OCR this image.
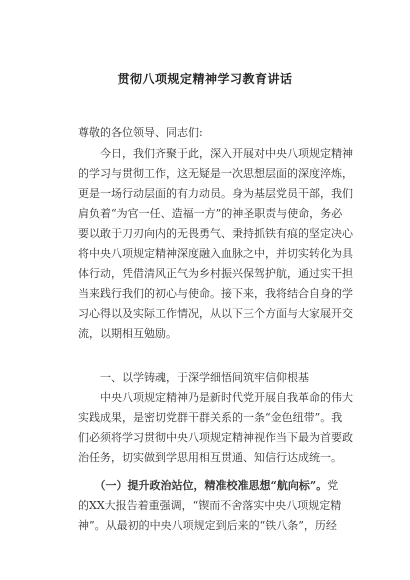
贯彻八项规定精神学习教育讲话
尊敬的各位领导、同志们:
　　今日，我们齐聚于此，深入开展对中央八项规定精神
的学习与贯彻工作，这无疑是一次思想层面的深度淬炼，
更是一场行动层面的有力动员。身为基层党员干部，我们
肩负着“为官一任、造福一方”的神圣职责与使命，务必
要以敢于刀刃向内的无畏勇气、秉持抓铁有痕的坚定决心
将中央八项规定精神深度融入血脉之中，并切实转化为具
体行动，凭借清风正气为乡村振兴保驾护航，通过实干担
当来践行我们的初心与使命。接下来，我将结合自身的学
习心得以及实际工作情况，从以下三个方面与大家展开交
流，以期相互勉励。
　　一、以学铸魂，于深学细悟间筑牢信仰根基
　　中央八项规定精神乃是新时代党开展自我革命的伟大
实践成果，是密切党群干群关系的一条“金色纽带”。我
们必须将学习贯彻中央八项规定精神视作当下最为首要政
治任务，切实做到学思用相互贯通、知信行达成统一。
　　（一）提升政治站位，精准校准思想“航向标”。党
的XX大报告着重强调，“锲而不舍落实中央八项规定精
神”。从最初的中央八项规定到后来的“铁八条”，历经
